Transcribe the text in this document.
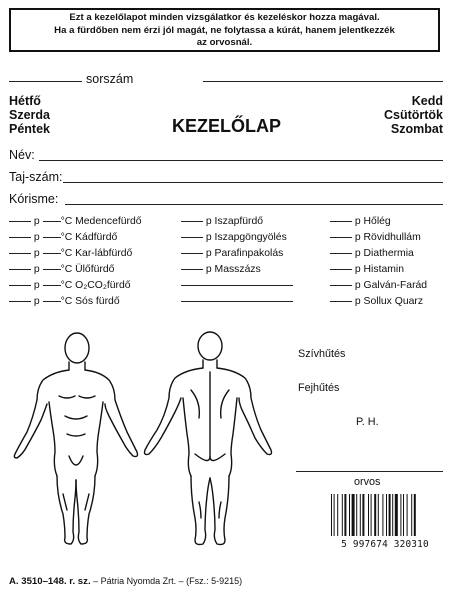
Ezt a kezelőlapot minden vizsgálatkor és kezeléskor hozza magával.
Ha a fürdőben nem érzi jól magát, ne folytassa a kúrát, hanem jelentkezzék
az orvosnál.
sorszám
Hétfő
Szerda
Péntek
Kedd
Csütörtök
Szombat
KEZELŐLAP
Név:
Taj-szám:
Kórisme:
p °C Medencefürdő
p °C Kádfürdő
p °C Kar-lábfürdő
p °C Ülőfürdő
p °C O₂CO₂fürdő
p °C Sós fürdő
p Iszapfürdő
p Iszapgöngyölés
p Parafinpakolás
p Masszázs
p Hőlég
p Rövidhullám
p Diathermia
p Histamin
p Galván-Farád
p Sollux Quarz
Szívhűtés
Fejhűtés
P. H.
orvos
5 997674 320310
A. 3510–148. r. sz. – Pátria Nyomda Zrt. – (Fsz.: 5-9215)
